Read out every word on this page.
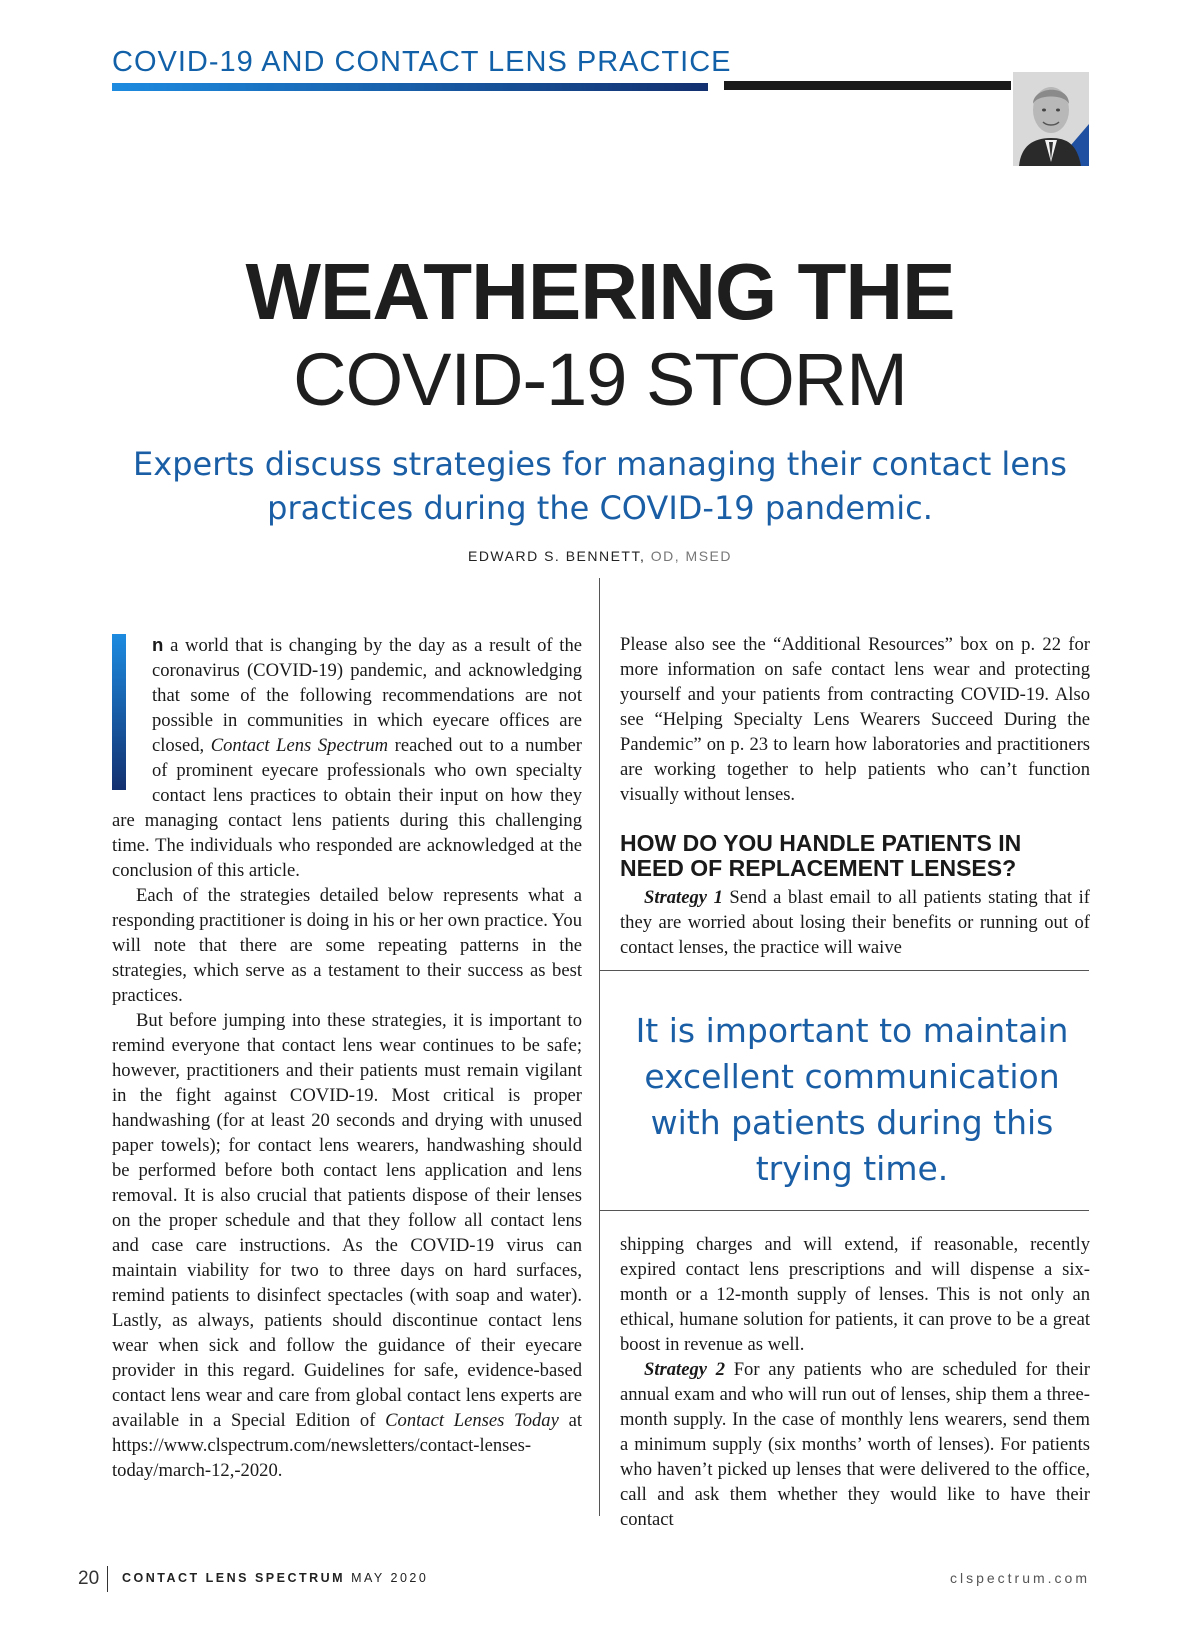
COVID-19 AND CONTACT LENS PRACTICE
WEATHERING THE
COVID-19 STORM
Experts discuss strategies for managing their contact lens practices during the COVID-19 pandemic.
EDWARD S. BENNETT, OD, MSED

n a world that is changing by the day as a result of the coronavirus (COVID-19) pandemic, and acknowledging that some of the following recommendations are not possible in communities in which eyecare offices are closed, Contact Lens Spectrum reached out to a number of prominent eyecare professionals who own specialty contact lens practices to obtain their input on how they are managing contact lens patients during this challenging time. The individuals who responded are acknowledged at the conclusion of this article.

Each of the strategies detailed below represents what a responding practitioner is doing in his or her own practice. You will note that there are some repeating patterns in the strategies, which serve as a testament to their success as best practices.

But before jumping into these strategies, it is important to remind everyone that contact lens wear continues to be safe; however, practitioners and their patients must remain vigilant in the fight against COVID-19. Most critical is proper handwashing (for at least 20 seconds and drying with unused paper towels); for contact lens wearers, handwashing should be performed before both contact lens application and lens removal. It is also crucial that patients dispose of their lenses on the proper schedule and that they follow all contact lens and case care instructions. As the COVID-19 virus can maintain viability for two to three days on hard surfaces, remind patients to disinfect spectacles (with soap and water). Lastly, as always, patients should discontinue contact lens wear when sick and follow the guidance of their eyecare provider in this regard. Guidelines for safe, evidence-based contact lens wear and care from global contact lens experts are available in a Special Edition of Contact Lenses Today at https://www.clspectrum.com/newsletters/contact-lenses-today/march-12,-2020.

Please also see the “Additional Resources” box on p. 22 for more information on safe contact lens wear and protecting yourself and your patients from contracting COVID-19. Also see “Helping Specialty Lens Wearers Succeed During the Pandemic” on p. 23 to learn how laboratories and practitioners are working together to help patients who can’t function visually without lenses.

HOW DO YOU HANDLE PATIENTS IN NEED OF REPLACEMENT LENSES?

Strategy 1 Send a blast email to all patients stating that if they are worried about losing their benefits or running out of contact lenses, the practice will waive

It is important to maintain excellent communication with patients during this trying time.

shipping charges and will extend, if reasonable, recently expired contact lens prescriptions and will dispense a six-month or a 12-month supply of lenses. This is not only an ethical, humane solution for patients, it can prove to be a great boost in revenue as well.

Strategy 2 For any patients who are scheduled for their annual exam and who will run out of lenses, ship them a three-month supply. In the case of monthly lens wearers, send them a minimum supply (six months’ worth of lenses). For patients who haven’t picked up lenses that were delivered to the office, call and ask them whether they would like to have their contact

20 CONTACT LENS SPECTRUM MAY 2020	clspectrum.com
